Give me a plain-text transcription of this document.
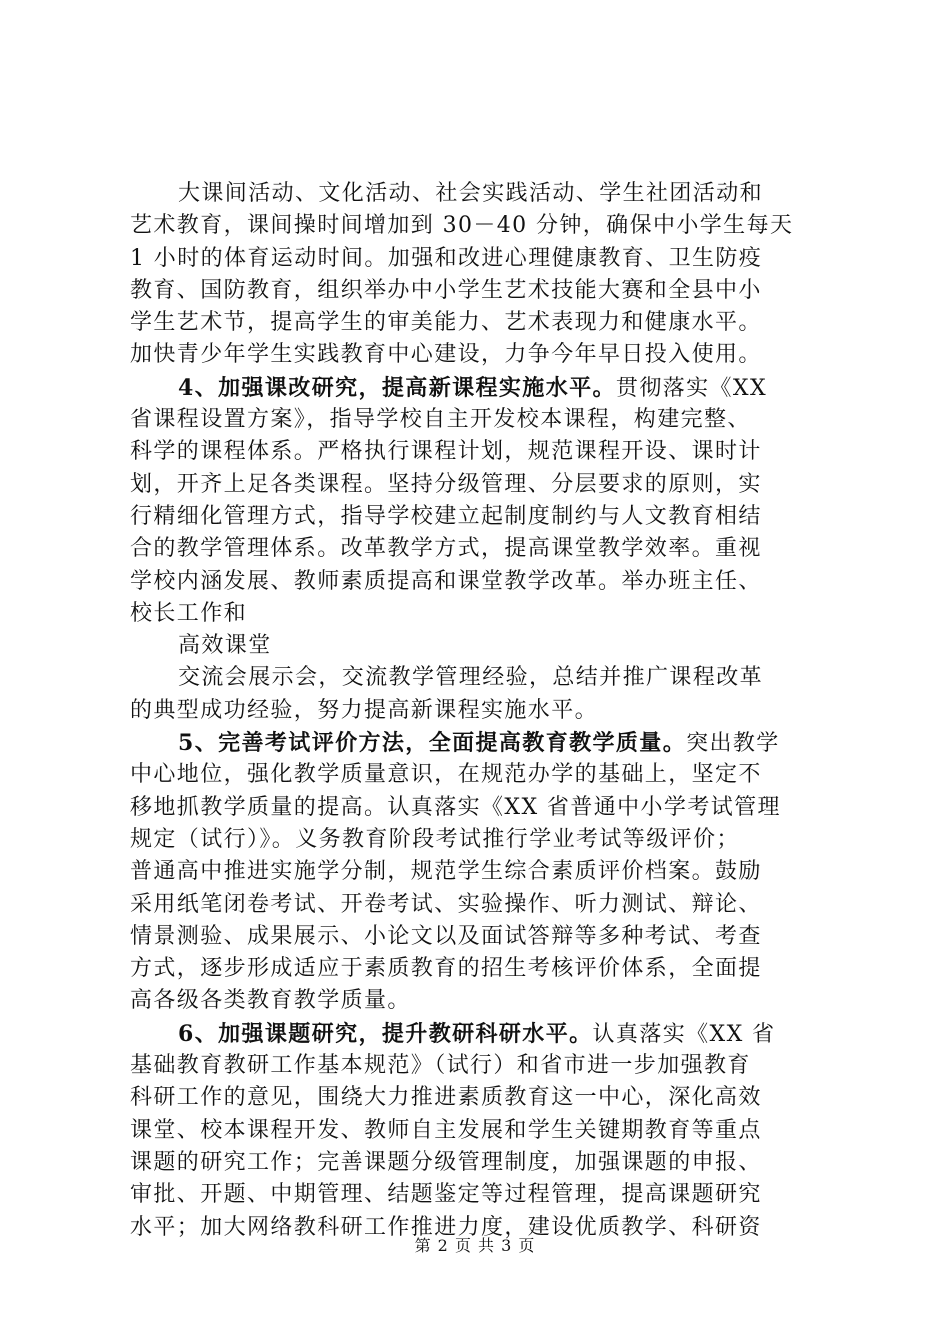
大课间活动、文化活动、社会实践活动、学生社团活动和
艺术教育，课间操时间增加到 30－40 分钟，确保中小学生每天
1 小时的体育运动时间。加强和改进心理健康教育、卫生防疫
教育、国防教育，组织举办中小学生艺术技能大赛和全县中小
学生艺术节，提高学生的审美能力、艺术表现力和健康水平。
加快青少年学生实践教育中心建设，力争今年早日投入使用。
4、加强课改研究，提高新课程实施水平。贯彻落实《XX
省课程设置方案》，指导学校自主开发校本课程，构建完整、
科学的课程体系。严格执行课程计划，规范课程开设、课时计
划，开齐上足各类课程。坚持分级管理、分层要求的原则，实
行精细化管理方式，指导学校建立起制度制约与人文教育相结
合的教学管理体系。改革教学方式，提高课堂教学效率。重视
学校内涵发展、教师素质提高和课堂教学改革。举办班主任、
校长工作和
高效课堂
交流会展示会，交流教学管理经验，总结并推广课程改革
的典型成功经验，努力提高新课程实施水平。
5、完善考试评价方法，全面提高教育教学质量。突出教学
中心地位，强化教学质量意识，在规范办学的基础上，坚定不
移地抓教学质量的提高。认真落实《XX 省普通中小学考试管理
规定（试行）》。义务教育阶段考试推行学业考试等级评价；
普通高中推进实施学分制，规范学生综合素质评价档案。鼓励
采用纸笔闭卷考试、开卷考试、实验操作、听力测试、辩论、
情景测验、成果展示、小论文以及面试答辩等多种考试、考查
方式，逐步形成适应于素质教育的招生考核评价体系，全面提
高各级各类教育教学质量。
6、加强课题研究，提升教研科研水平。认真落实《XX 省
基础教育教研工作基本规范》（试行）和省市进一步加强教育
科研工作的意见，围绕大力推进素质教育这一中心，深化高效
课堂、校本课程开发、教师自主发展和学生关键期教育等重点
课题的研究工作；完善课题分级管理制度，加强课题的申报、
审批、开题、中期管理、结题鉴定等过程管理，提高课题研究
水平；加大网络教科研工作推进力度，建设优质教学、科研资
第 2 页 共 3 页
